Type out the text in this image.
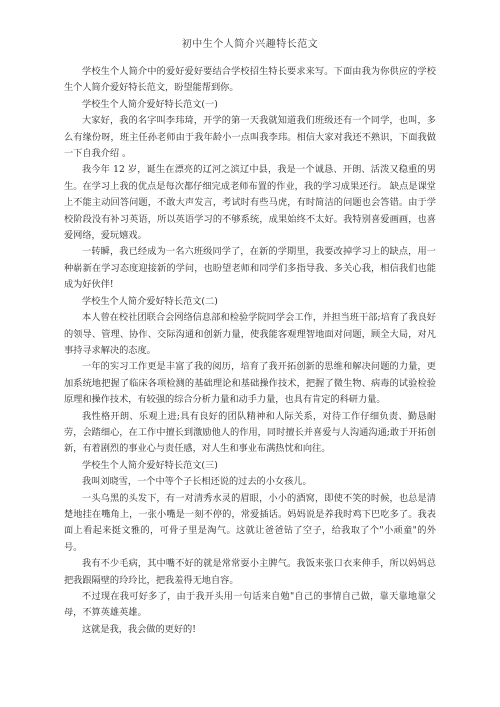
初中生个人简介兴趣特长范文

学校生个人简介中的爱好爱好要结合学校招生特长要求来写。下面由我为你供应的学校生个人简介爱好特长范文，盼望能帮到你。

学校生个人简介爱好特长范文(一)

大家好，我的名字叫李玮琦，开学的第一天我就知道我们班级还有一个同学，也叫，多么有缘份呀，班主任孙老师由于我年龄小一点叫我李玮。相信大家对我还不熟识，下面我做一下自我介绍 。

我今年 12 岁，诞生在漂亮的辽河之滨辽中县，我是一个诚恳、开朗、活泼又稳重的男生。在学习上我的优点是每次都仔细完成老师布置的作业，我的学习成果还行。 缺点是课堂上不能主动回答问题，不敢大声发言，考试时有些马虎，有时简洁的问题也会答错。由于学校阶段没有补习英语，所以英语学习的不够系统，成果始终不太好。我特别喜爱画画，也喜爱网络，爱玩嬉戏。

一转瞬，我已经成为一名六班级同学了，在新的学期里，我要改掉学习上的缺点，用一种崭新在学习态度迎接新的学问，也盼望老师和同学们多指导我、多关心我，相信我们也能成为好伙伴!

学校生个人简介爱好特长范文(二)

本人曾在校社团联合会网络信息部和检验学院同学会工作，并担当班干部;培育了我良好的领导、管理、协作、交际沟通和创新力量，使我能客观理智地面对问题，顾全大局，对凡事持寻求解决的态度。

一年的实习工作更是丰富了我的阅历，培育了我开拓创新的思维和解决问题的力量，更加系统地把握了临床各项检测的基础理论和基础操作技术，把握了微生物、病毒的试验检验原理和操作技术，有较强的综合分析力量和动手力量，也具有肯定的科研力量。

我性格开朗、乐观上进;具有良好的团队精神和人际关系，对待工作仔细负责、勤恳耐劳，会踏细心，在工作中擅长到激励他人的作用，同时擅长并喜爱与人沟通沟通;敢于开拓创新，有着剧烈的事业心与责任感，对人生和事业布满热忱和向往。

学校生个人简介爱好特长范文(三)

我叫刘晓雪，一个中等个子长相还说的过去的小女孩儿。

一头乌黑的头发下，有一对清秀水灵的眉眼，小小的酒窝，即使不笑的时候，也总是清楚地挂在嘴角上，一张小嘴是一刻不停的，常爱插话。妈妈说是养我时鸡下巴吃多了。我表面上看起来挺文雅的，可骨子里是淘气。这就让爸爸钻了空子，给我取了个"小顽童"的外号。

我有不少毛病，其中嘴不好的就是常常耍小主脾气。我饭来张口衣来伸手，所以妈妈总把我跟隔壁的玲玲比，把我羞得无地自容。

不过现在我可好多了，由于我开头用一句话来自勉"自己的事情自己做，靠天靠地靠父母，不算英雄英雄。

这就是我，我会做的更好的!
